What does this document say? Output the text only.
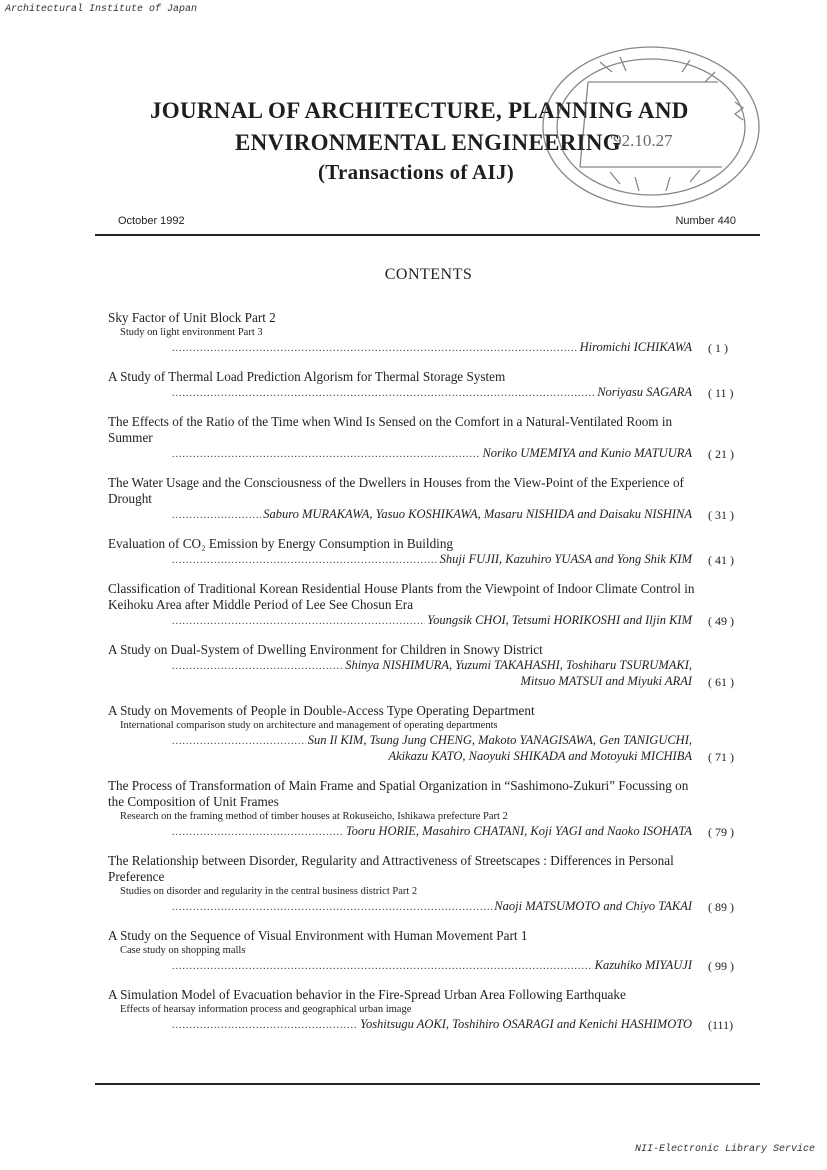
Architectural Institute of Japan
JOURNAL OF ARCHITECTURE, PLANNING AND
ENVIRONMENTAL ENGINEERING
(Transactions of AIJ)
'92.10.27
October 1992	Number 440
CONTENTS
Sky Factor of Unit Block Part 2
Study on light environment Part 3
.....
Hiromichi ICHIKAWA ( 1 )
A Study of Thermal Load Prediction Algorism for Thermal Storage System
.....
Noriyasu SAGARA ( 11 )
The Effects of the Ratio of the Time when Wind Is Sensed on the Comfort in a Natural-Ventilated Room in Summer
.....
Noriko UMEMIYA and Kunio MATUURA ( 21 )
The Water Usage and the Consciousness of the Dwellers in Houses from the View-Point of the Experience of Drought
.....
Saburo MURAKAWA, Yasuo KOSHIKAWA, Masaru NISHIDA and Daisaku NISHINA ( 31 )
Evaluation of CO₂ Emission by Energy Consumption in Building
.....
Shuji FUJII, Kazuhiro YUASA and Yong Shik KIM ( 41 )
Classification of Traditional Korean Residential House Plants from the Viewpoint of Indoor Climate Control in Keihoku Area after Middle Period of Lee See Chosun Era
.....
Youngsik CHOI, Tetsumi HORIKOSHI and Iljin KIM ( 49 )
A Study on Dual-System of Dwelling Environment for Children in Snowy District
.....
Shinya NISHIMURA, Yuzumi TAKAHASHI, Toshiharu TSURUMAKI,
Mitsuo MATSUI and Miyuki ARAI ( 61 )
A Study on Movements of People in Double-Access Type Operating Department
International comparison study on architecture and management of operating departments
.....
Sun Il KIM, Tsung Jung CHENG, Makoto YANAGISAWA, Gen TANIGUCHI,
Akikazu KATO, Naoyuki SHIKADA and Motoyuki MICHIBA ( 71 )
The Process of Transformation of Main Frame and Spatial Organization in “Sashimono-Zukuri” Focussing on the Composition of Unit Frames
Research on the framing method of timber houses at Rokuseicho, Ishikawa prefecture Part 2
.....
Tooru HORIE, Masahiro CHATANI, Koji YAGI and Naoko ISOHATA ( 79 )
The Relationship between Disorder, Regularity and Attractiveness of Streetscapes : Differences in Personal Preference
Studies on disorder and regularity in the central business district Part 2
.....
Naoji MATSUMOTO and Chiyo TAKAI ( 89 )
A Study on the Sequence of Visual Environment with Human Movement Part 1
Case study on shopping malls
.....
Kazuhiko MIYAUJI ( 99 )
A Simulation Model of Evacuation behavior in the Fire-Spread Urban Area Following Earthquake
Effects of hearsay information process and geographical urban image
.....
Yoshitsugu AOKI, Toshihiro OSARAGI and Kenichi HASHIMOTO (111)
NII-Electronic Library Service
